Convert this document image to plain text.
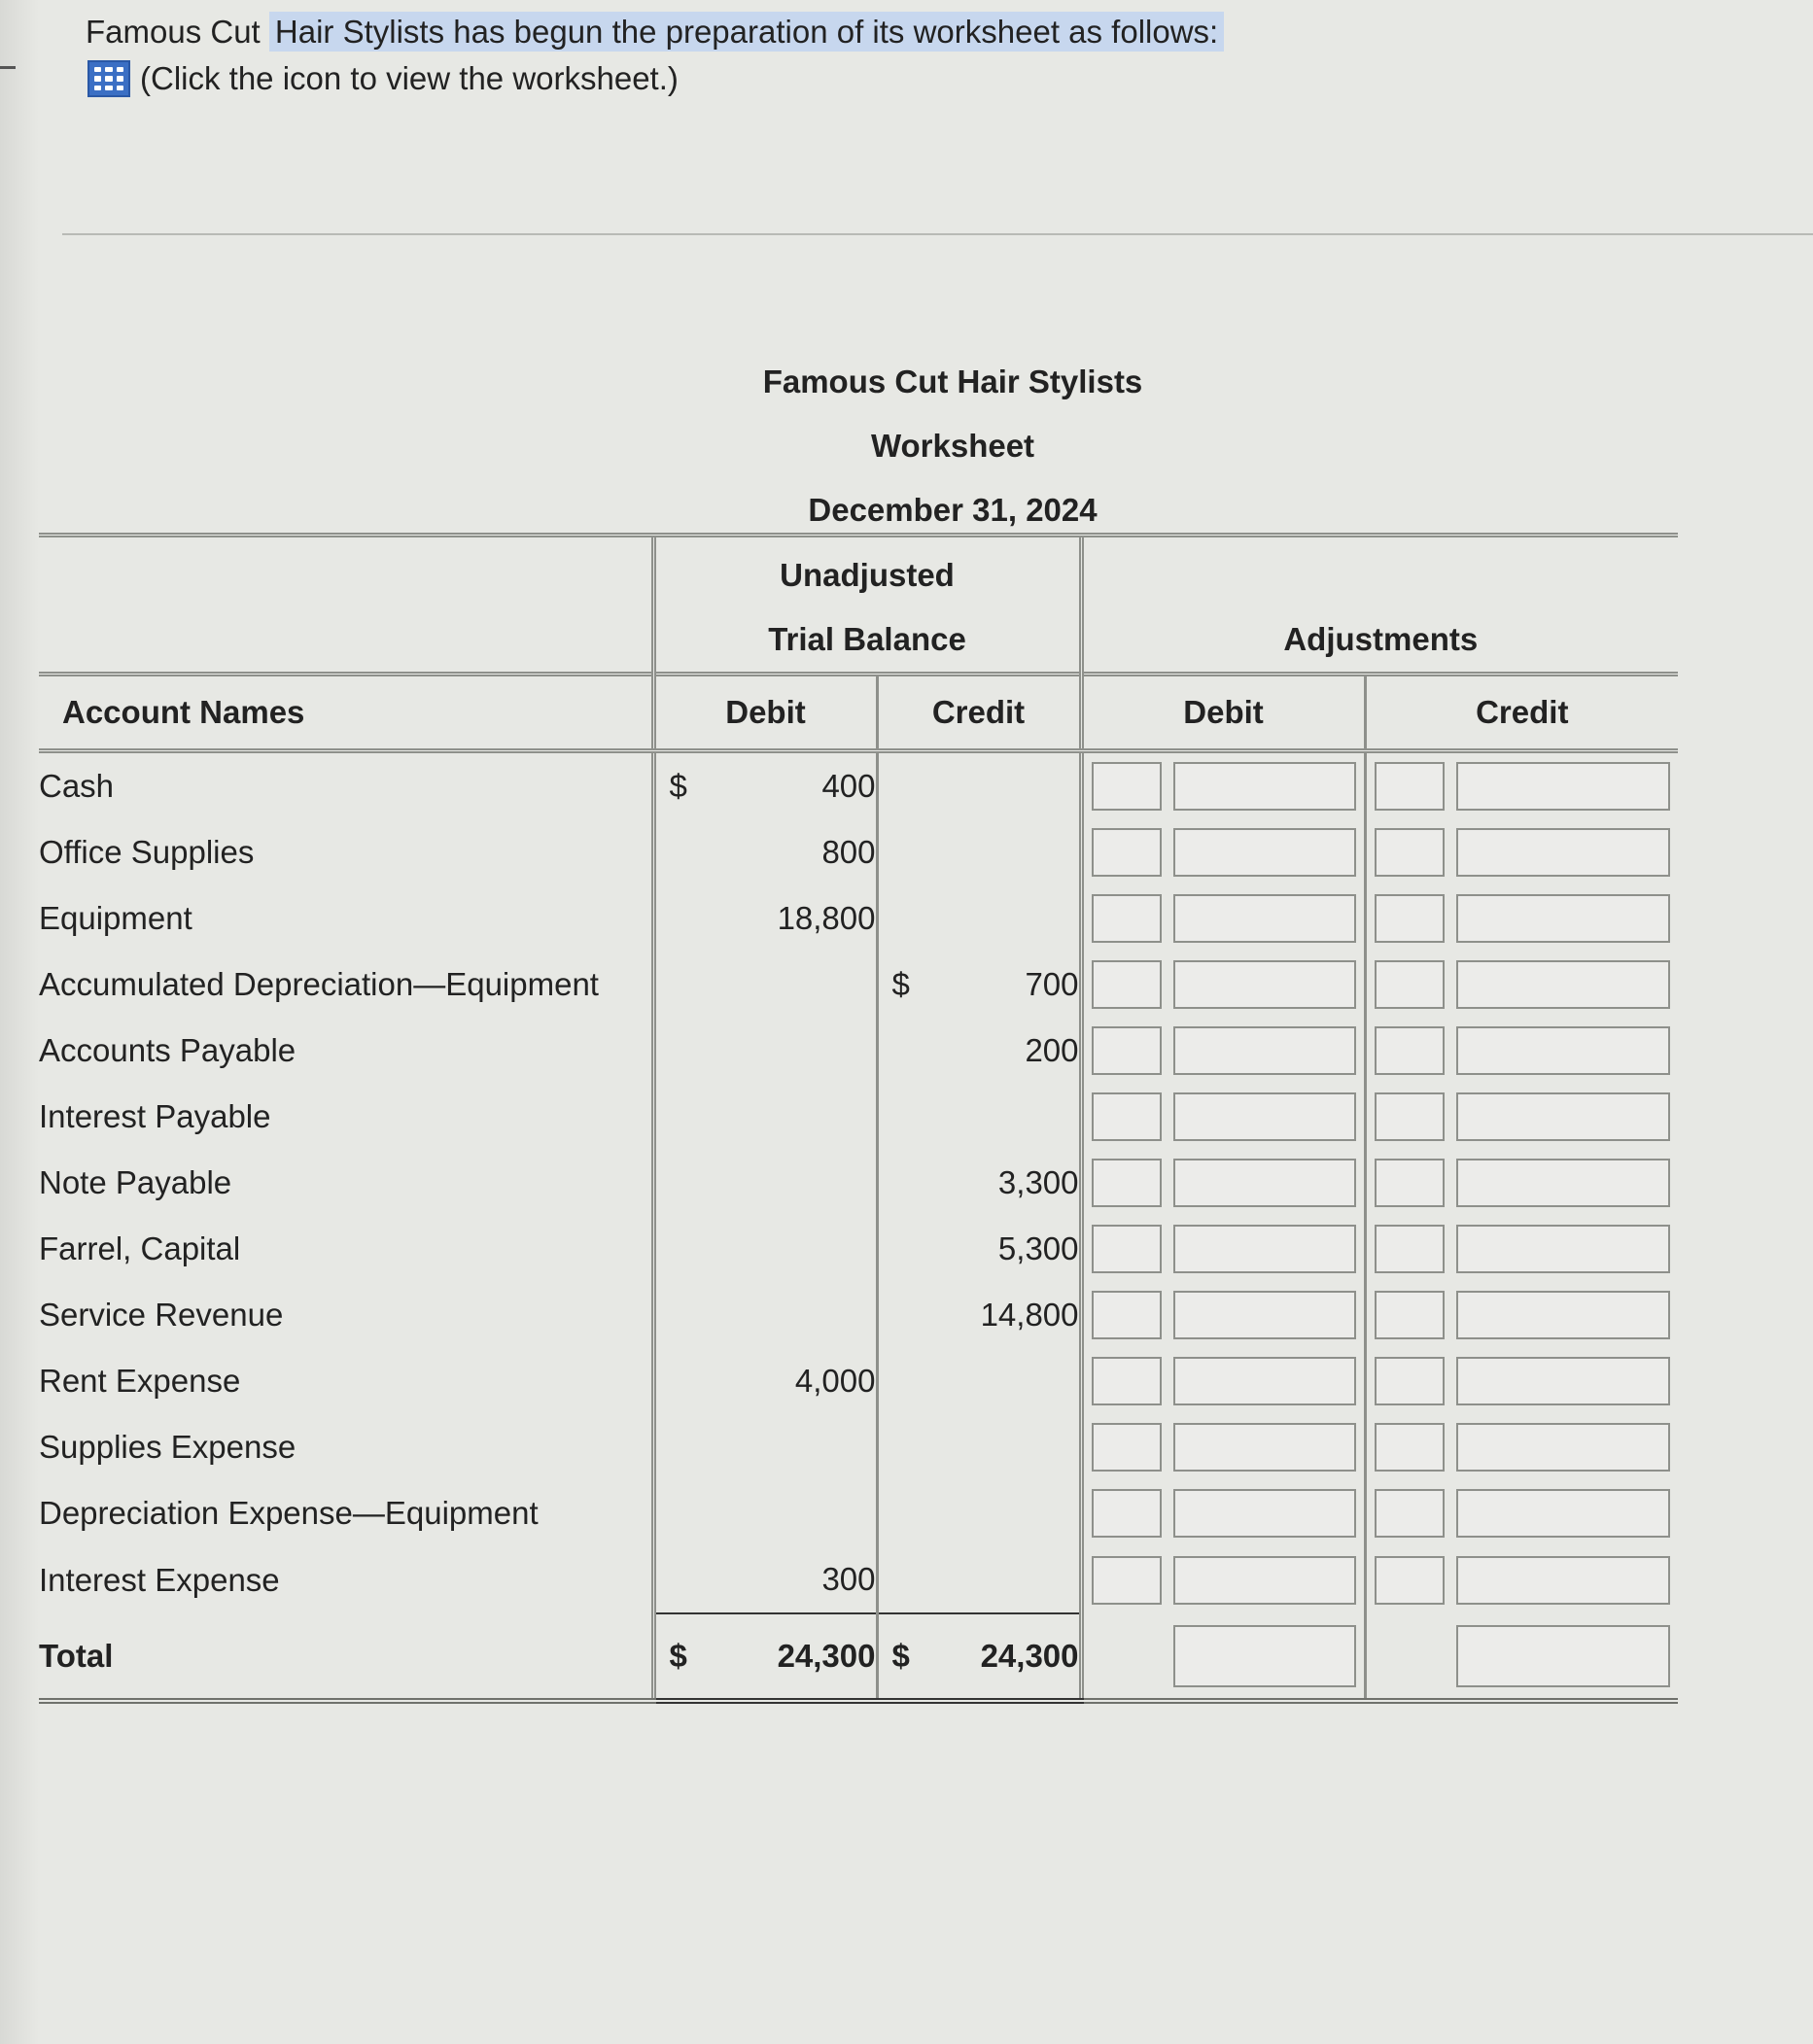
Famous Cut Hair Stylists has begun the preparation of its worksheet as follows:
(Click the icon to view the worksheet.)
Famous Cut Hair Stylists
Worksheet
December 31, 2024

	Unadjusted
Trial Balance		Adjustments	
Account Names	Debit	Credit	Debit	Credit
Cash	$ 400		

Office Supplies	800		

Equipment	18,800		

Accumulated Depreciation—Equipment		$ 700	

Accounts Payable		200	

Interest Payable			

Note Payable		3,300	

Farrel, Capital		5,300	

Service Revenue		14,800	

Rent Expense	4,000		

Supplies Expense			

Depreciation Expense—Equipment			

Interest Expense	300		

Total	$ 24,300	$ 24,300	
